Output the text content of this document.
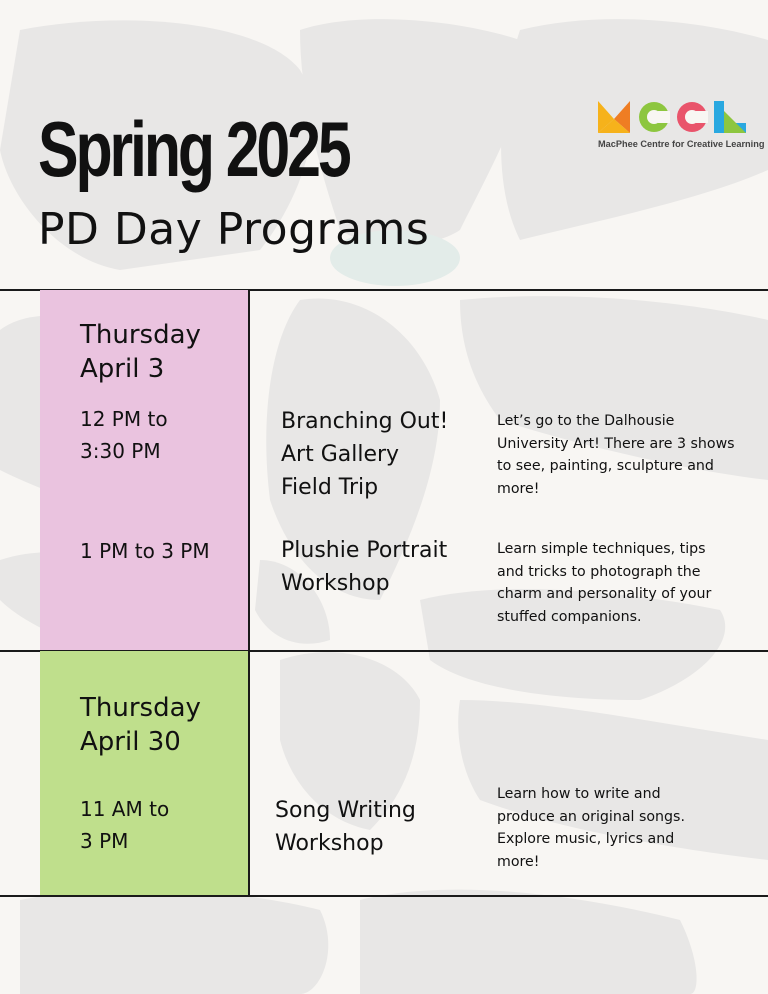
Spring 2025
PD Day Programs
MacPhee Centre for Creative Learning
Thursday
April 3
12 PM to
3:30 PM
Branching Out!
Art Gallery
Field Trip
Let’s go to the Dalhousie
University Art! There are 3 shows
to see, painting, sculpture and
more!
1 PM to 3 PM	Plushie Portrait
Workshop
Learn simple techniques, tips
and tricks to photograph the
charm and personality of your
stuffed companions.
Thursday
April 30
11 AM to
3 PM
Song Writing
Workshop
Learn how to write and
produce an original songs.
Explore music, lyrics and
more!
